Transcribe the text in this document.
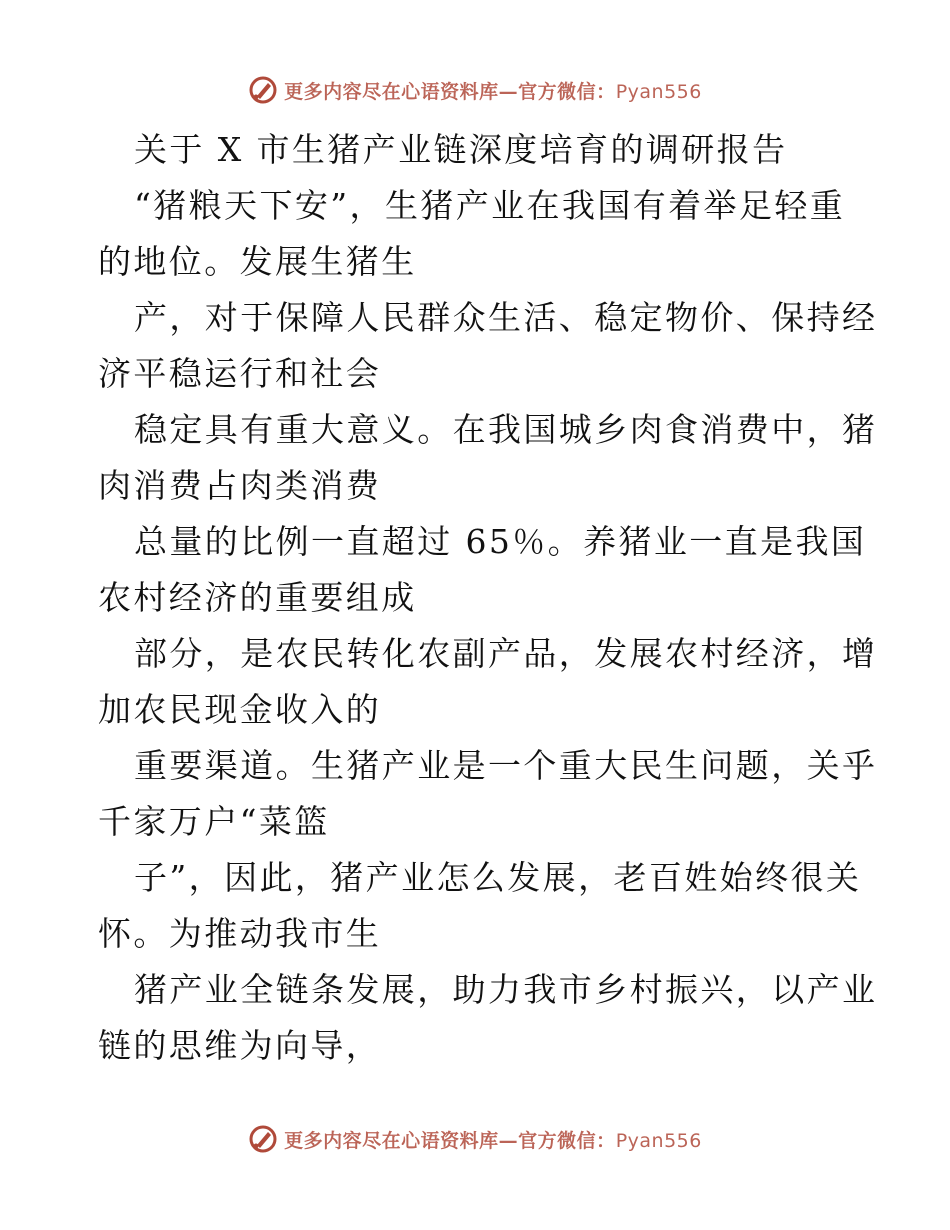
更多内容尽在心语资料库—官方微信：Pyan556
关于 X 市生猪产业链深度培育的调研报告
“猪粮天下安”，生猪产业在我国有着举足轻重
的地位。发展生猪生
产，对于保障人民群众生活、稳定物价、保持经
济平稳运行和社会
稳定具有重大意义。在我国城乡肉食消费中，猪
肉消费占肉类消费
总量的比例一直超过 65％。养猪业一直是我国
农村经济的重要组成
部分，是农民转化农副产品，发展农村经济，增
加农民现金收入的
重要渠道。生猪产业是一个重大民生问题，关乎
千家万户“菜篮
子”，因此，猪产业怎么发展，老百姓始终很关
怀。为推动我市生
猪产业全链条发展，助力我市乡村振兴，以产业
链的思维为向导，
更多内容尽在心语资料库—官方微信：Pyan556
